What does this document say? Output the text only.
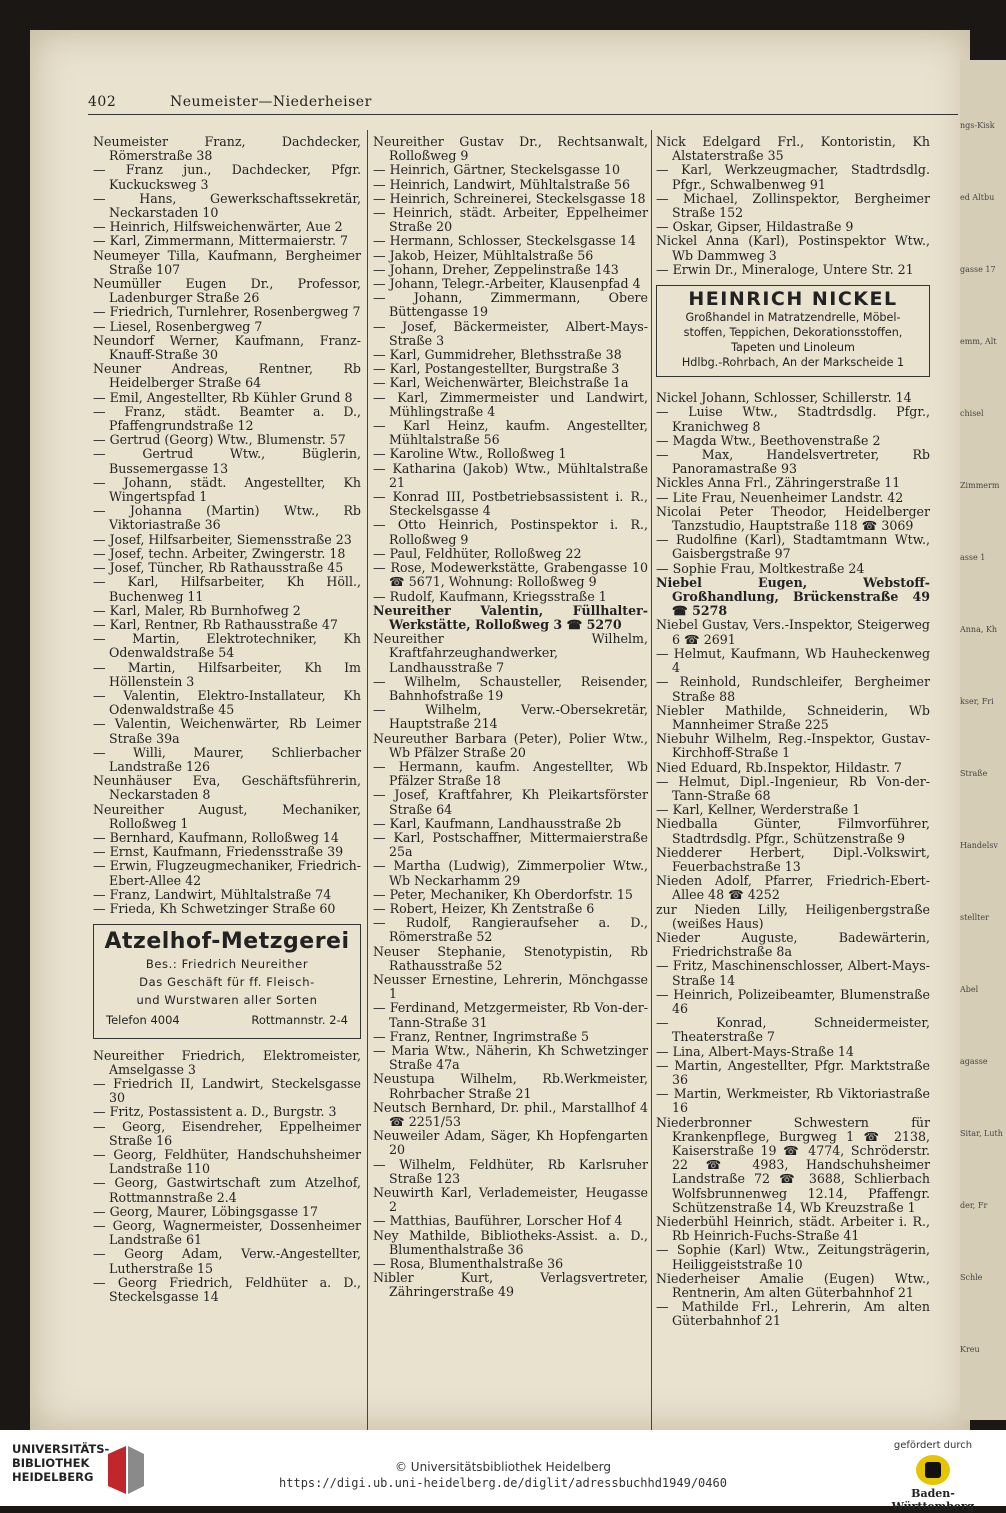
ngs-Kisk
ed Altbu
gasse 17
emm, Alt
chisel
Zimmerm
asse 1
Anna, Kh
kser, Fri
Straße
Handelsv
stellter
Abel
agasse
Sitar, Luth
der, Fr
Schle
Kreu
402	Neumeister—Niederheiser
Neumeister Franz, Dachdecker, Römerstraße 38
— Franz jun., Dachdecker, Pfgr. Kuckucksweg 3
— Hans, Gewerkschaftssekretär, Neckarstaden 10
— Heinrich, Hilfsweichenwärter, Aue 2
— Karl, Zimmermann, Mittermaierstr. 7
Neumeyer Tilla, Kaufmann, Bergheimer Straße 107
Neumüller Eugen Dr., Professor, Ladenburger Straße 26
— Friedrich, Turnlehrer, Rosenbergweg 7
— Liesel, Rosenbergweg 7
Neundorf Werner, Kaufmann, Franz-Knauff-Straße 30
Neuner Andreas, Rentner, Rb Heidelberger Straße 64
— Emil, Angestellter, Rb Kühler Grund 8
— Franz, städt. Beamter a. D., Pfaffengrundstraße 12
— Gertrud (Georg) Wtw., Blumenstr. 57
— Gertrud Wtw., Büglerin, Bussemergasse 13
— Johann, städt. Angestellter, Kh Wingertspfad 1
— Johanna (Martin) Wtw., Rb Viktoriastraße 36
— Josef, Hilfsarbeiter, Siemensstraße 23
— Josef, techn. Arbeiter, Zwingerstr. 18
— Josef, Tüncher, Rb Rathausstraße 45
— Karl, Hilfsarbeiter, Kh Höll., Buchenweg 11
— Karl, Maler, Rb Burnhofweg 2
— Karl, Rentner, Rb Rathausstraße 47
— Martin, Elektrotechniker, Kh Odenwaldstraße 54
— Martin, Hilfsarbeiter, Kh Im Höllenstein 3
— Valentin, Elektro-Installateur, Kh Odenwaldstraße 45
— Valentin, Weichenwärter, Rb Leimer Straße 39a
— Willi, Maurer, Schlierbacher Landstraße 126
Neunhäuser Eva, Geschäftsführerin, Neckarstaden 8
Neureither August, Mechaniker, Rolloßweg 1
— Bernhard, Kaufmann, Rolloßweg 14
— Ernst, Kaufmann, Friedensstraße 39
— Erwin, Flugzeugmechaniker, Friedrich-Ebert-Allee 42
— Franz, Landwirt, Mühltalstraße 74
— Frieda, Kh Schwetzinger Straße 60
Atzelhof-Metzgerei
Bes.: Friedrich Neureither
Das Geschäft für ff. Fleisch-
und Wurstwaren aller Sorten
Telefon 4004	Rottmannstr. 2-4
Neureither Friedrich, Elektromeister, Amselgasse 3
— Friedrich II, Landwirt, Steckelsgasse 30
— Fritz, Postassistent a. D., Burgstr. 3
— Georg, Eisendreher, Eppelheimer Straße 16
— Georg, Feldhüter, Handschuhsheimer Landstraße 110
— Georg, Gastwirtschaft zum Atzelhof, Rottmannstraße 2.4
— Georg, Maurer, Löbingsgasse 17
— Georg, Wagnermeister, Dossenheimer Landstraße 61
— Georg Adam, Verw.-Angestellter, Lutherstraße 15
— Georg Friedrich, Feldhüter a. D., Steckelsgasse 14
Neureither Gustav Dr., Rechtsanwalt, Rolloßweg 9
— Heinrich, Gärtner, Steckelsgasse 10
— Heinrich, Landwirt, Mühltalstraße 56
— Heinrich, Schreinerei, Steckelsgasse 18
— Heinrich, städt. Arbeiter, Eppelheimer Straße 20
— Hermann, Schlosser, Steckelsgasse 14
— Jakob, Heizer, Mühltalstraße 56
— Johann, Dreher, Zeppelinstraße 143
— Johann, Telegr.-Arbeiter, Klausenpfad 4
— Johann, Zimmermann, Obere Büttengasse 19
— Josef, Bäckermeister, Albert-Mays-Straße 3
— Karl, Gummidreher, Blethsstraße 38
— Karl, Postangestellter, Burgstraße 3
— Karl, Weichenwärter, Bleichstraße 1a
— Karl, Zimmermeister und Landwirt, Mühlingstraße 4
— Karl Heinz, kaufm. Angestellter, Mühltalstraße 56
— Karoline Wtw., Rolloßweg 1
— Katharina (Jakob) Wtw., Mühltalstraße 21
— Konrad III, Postbetriebsassistent i. R., Steckelsgasse 4
— Otto Heinrich, Postinspektor i. R., Rolloßweg 9
— Paul, Feldhüter, Rolloßweg 22
— Rose, Modewerkstätte, Grabengasse 10 ☎ 5671, Wohnung: Rolloßweg 9
— Rudolf, Kaufmann, Kriegsstraße 1
Neureither Valentin, Füllhalter-Werkstätte, Rolloßweg 3 ☎ 5270
Neureither Wilhelm, Kraftfahrzeughandwerker, Landhausstraße 7
— Wilhelm, Schausteller, Reisender, Bahnhofstraße 19
— Wilhelm, Verw.-Obersekretär, Hauptstraße 214
Neureuther Barbara (Peter), Polier Wtw., Wb Pfälzer Straße 20
— Hermann, kaufm. Angestellter, Wb Pfälzer Straße 18
— Josef, Kraftfahrer, Kh Pleikartsförster Straße 64
— Karl, Kaufmann, Landhausstraße 2b
— Karl, Postschaffner, Mittermaierstraße 25a
— Martha (Ludwig), Zimmerpolier Wtw., Wb Neckarhamm 29
— Peter, Mechaniker, Kh Oberdorfstr. 15
— Robert, Heizer, Kh Zentstraße 6
— Rudolf, Rangieraufseher a. D., Römerstraße 52
Neuser Stephanie, Stenotypistin, Rb Rathausstraße 52
Neusser Ernestine, Lehrerin, Mönchgasse 1
— Ferdinand, Metzgermeister, Rb Von-der-Tann-Straße 31
— Franz, Rentner, Ingrimstraße 5
— Maria Wtw., Näherin, Kh Schwetzinger Straße 47a
Neustupa Wilhelm, Rb.Werkmeister, Rohrbacher Straße 21
Neutsch Bernhard, Dr. phil., Marstallhof 4 ☎ 2251/53
Neuweiler Adam, Säger, Kh Hopfengarten 20
— Wilhelm, Feldhüter, Rb Karlsruher Straße 123
Neuwirth Karl, Verlademeister, Heugasse 2
— Matthias, Bauführer, Lorscher Hof 4
Ney Mathilde, Bibliotheks-Assist. a. D., Blumenthalstraße 36
— Rosa, Blumenthalstraße 36
Nibler Kurt, Verlagsvertreter, Zähringerstraße 49
Nick Edelgard Frl., Kontoristin, Kh Alstaterstraße 35
— Karl, Werkzeugmacher, Stadtrdsdlg. Pfgr., Schwalbenweg 91
— Michael, Zollinspektor, Bergheimer Straße 152
— Oskar, Gipser, Hildastraße 9
Nickel Anna (Karl), Postinspektor Wtw., Wb Dammweg 3
— Erwin Dr., Mineraloge, Untere Str. 21
HEINRICH NICKEL
Großhandel in Matratzendrelle, Möbel-
stoffen, Teppichen, Dekorationsstoffen,
Tapeten und Linoleum
Hdlbg.-Rohrbach, An der Markscheide 1
Nickel Johann, Schlosser, Schillerstr. 14
— Luise Wtw., Stadtrdsdlg. Pfgr., Kranichweg 8
— Magda Wtw., Beethovenstraße 2
— Max, Handelsvertreter, Rb Panoramastraße 93
Nickles Anna Frl., Zähringerstraße 11
— Lite Frau, Neuenheimer Landstr. 42
Nicolai Peter Theodor, Heidelberger Tanzstudio, Hauptstraße 118 ☎ 3069
— Rudolfine (Karl), Stadtamtmann Wtw., Gaisbergstraße 97
— Sophie Frau, Moltkestraße 24
Niebel Eugen, Webstoff-Großhandlung, Brückenstraße 49 ☎ 5278
Niebel Gustav, Vers.-Inspektor, Steigerweg 6 ☎ 2691
— Helmut, Kaufmann, Wb Hauheckenweg 4
— Reinhold, Rundschleifer, Bergheimer Straße 88
Niebler Mathilde, Schneiderin, Wb Mannheimer Straße 225
Niebuhr Wilhelm, Reg.-Inspektor, Gustav-Kirchhoff-Straße 1
Nied Eduard, Rb.Inspektor, Hildastr. 7
— Helmut, Dipl.-Ingenieur, Rb Von-der-Tann-Straße 68
— Karl, Kellner, Werderstraße 1
Niedballa Günter, Filmvorführer, Stadtrdsdlg. Pfgr., Schützenstraße 9
Niedderer Herbert, Dipl.-Volkswirt, Feuerbachstraße 13
Nieden Adolf, Pfarrer, Friedrich-Ebert-Allee 48 ☎ 4252
zur Nieden Lilly, Heiligenbergstraße (weißes Haus)
Nieder Auguste, Badewärterin, Friedrichstraße 8a
— Fritz, Maschinenschlosser, Albert-Mays-Straße 14
— Heinrich, Polizeibeamter, Blumenstraße 46
— Konrad, Schneidermeister, Theaterstraße 7
— Lina, Albert-Mays-Straße 14
— Martin, Angestellter, Pfgr. Marktstraße 36
— Martin, Werkmeister, Rb Viktoriastraße 16
Niederbronner Schwestern für Krankenpflege, Burgweg 1 ☎ 2138, Kaiserstraße 19 ☎ 4774, Schröderstr. 22 ☎ 4983, Handschuhsheimer Landstraße 72 ☎ 3688, Schlierbach Wolfsbrunnenweg 12.14, Pfaffengr. Schützenstraße 14, Wb Kreuzstraße 1
Niederbühl Heinrich, städt. Arbeiter i. R., Rb Heinrich-Fuchs-Straße 41
— Sophie (Karl) Wtw., Zeitungsträgerin, Heiliggeiststraße 10
Niederheiser Amalie (Eugen) Wtw., Rentnerin, Am alten Güterbahnhof 21
— Mathilde Frl., Lehrerin, Am alten Güterbahnhof 21
UNIVERSITÄTS-
BIBLIOTHEK
HEIDELBERG
© Universitätsbibliothek Heidelberg
https://digi.ub.uni-heidelberg.de/diglit/adressbuchhd1949/0460
gefördert durch
Baden-Württemberg
